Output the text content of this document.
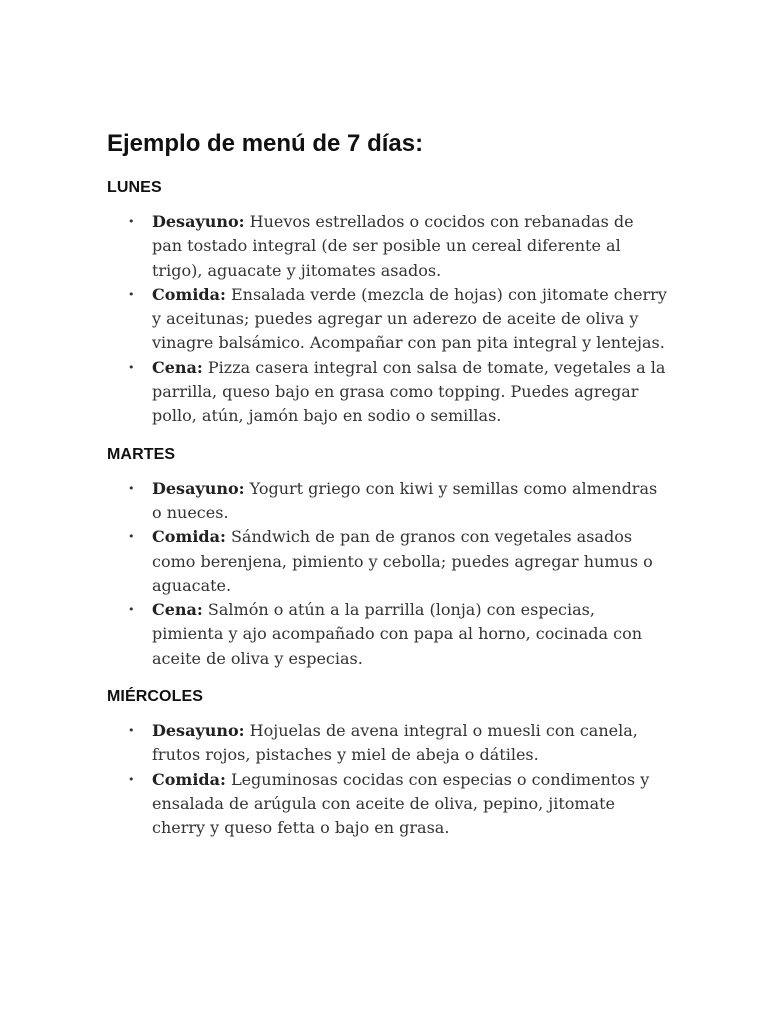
Ejemplo de menú de 7 días:
LUNES
• Desayuno: Huevos estrellados o cocidos con rebanadas de pan tostado integral (de ser posible un cereal diferente al trigo), aguacate y jitomates asados.
• Comida: Ensalada verde (mezcla de hojas) con jitomate cherry y aceitunas; puedes agregar un aderezo de aceite de oliva y vinagre balsámico. Acompañar con pan pita integral y lentejas.
• Cena: Pizza casera integral con salsa de tomate, vegetales a la parrilla, queso bajo en grasa como topping. Puedes agregar pollo, atún, jamón bajo en sodio o semillas.
MARTES
• Desayuno: Yogurt griego con kiwi y semillas como almendras o nueces.
• Comida: Sándwich de pan de granos con vegetales asados como berenjena, pimiento y cebolla; puedes agregar humus o aguacate.
• Cena: Salmón o atún a la parrilla (lonja) con especias, pimienta y ajo acompañado con papa al horno, cocinada con aceite de oliva y especias.
MIÉRCOLES
• Desayuno: Hojuelas de avena integral o muesli con canela, frutos rojos, pistaches y miel de abeja o dátiles.
• Comida: Leguminosas cocidas con especias o condimentos y ensalada de arúgula con aceite de oliva, pepino, jitomate cherry y queso fetta o bajo en grasa.
